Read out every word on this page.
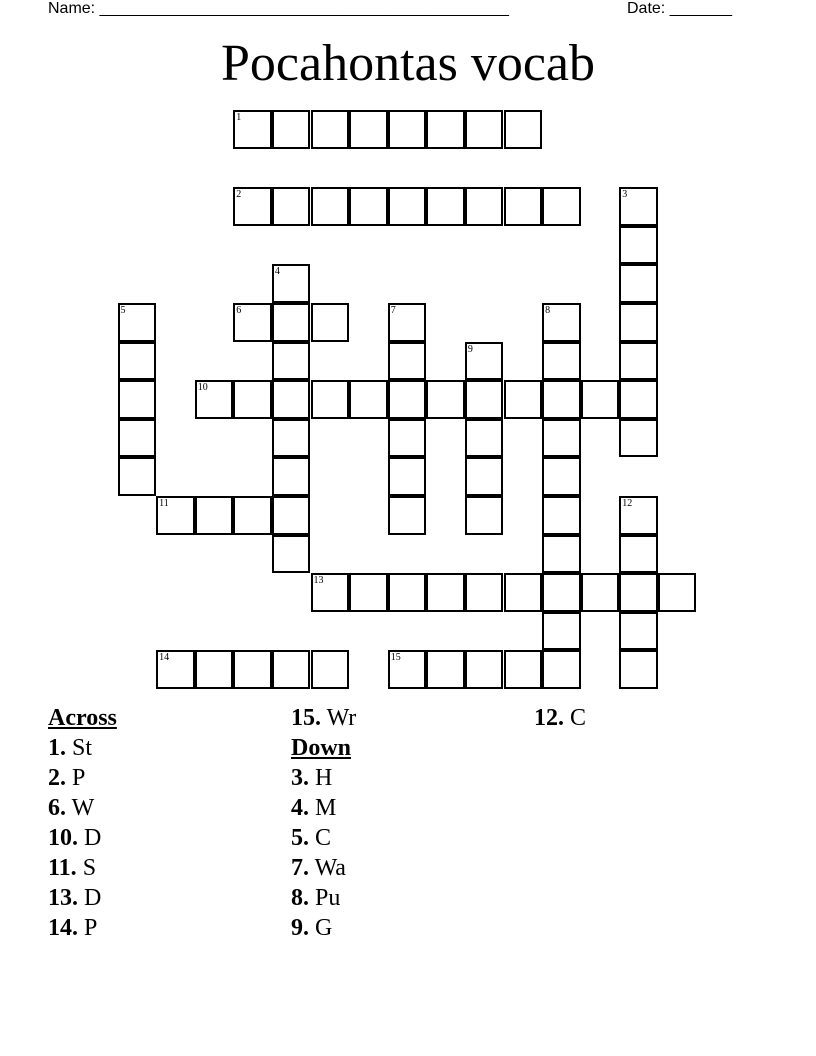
Name: ______________________________________________	Date: _______
Pocahontas vocab
1
2
6
10
11
13
14	15
3
4
5	7	8
9
12
Across
1. St
2. P
6. W
10. D
11. S
13. D
14. P
15. Wr
Down
3. H
4. M
5. C
7. Wa
8. Pu
9. G
12. C
